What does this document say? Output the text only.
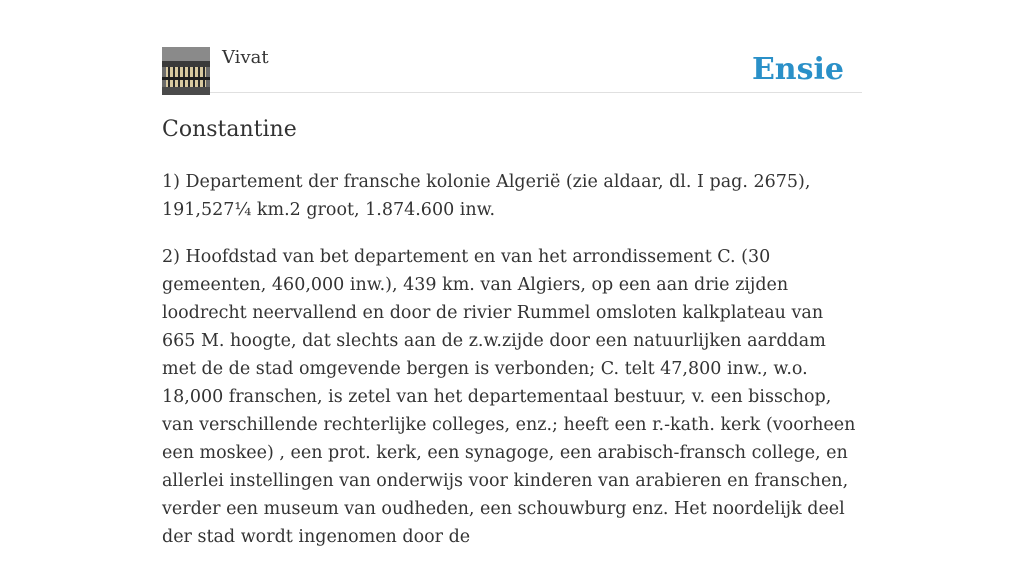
Vivat	Ensie
Constantine

1) Departement der fransche kolonie Algerië (zie aldaar, dl. I pag. 2675), 191,527¼ km.2 groot, 1.874.600 inw.

2) Hoofdstad van bet departement en van het arrondissement C. (30 gemeenten, 460,000 inw.), 439 km. van Algiers, op een aan drie zijden loodrecht neervallend en door de rivier Rummel omsloten kalkplateau van 665 M. hoogte, dat slechts aan de z.w.zijde door een natuurlijken aarddam met de de stad omgevende bergen is verbonden; C. telt 47,800 inw., w.o. 18,000 franschen, is zetel van het departementaal bestuur, v. een bisschop, van verschillende rechterlijke colleges, enz.; heeft een r.-kath. kerk (voorheen een moskee) , een prot. kerk, een synagoge, een arabisch-fransch college, en allerlei instellingen van onderwijs voor kinderen van arabieren en franschen, verder een museum van oudheden, een schouwburg enz. Het noordelijk deel der stad wordt ingenomen door de
